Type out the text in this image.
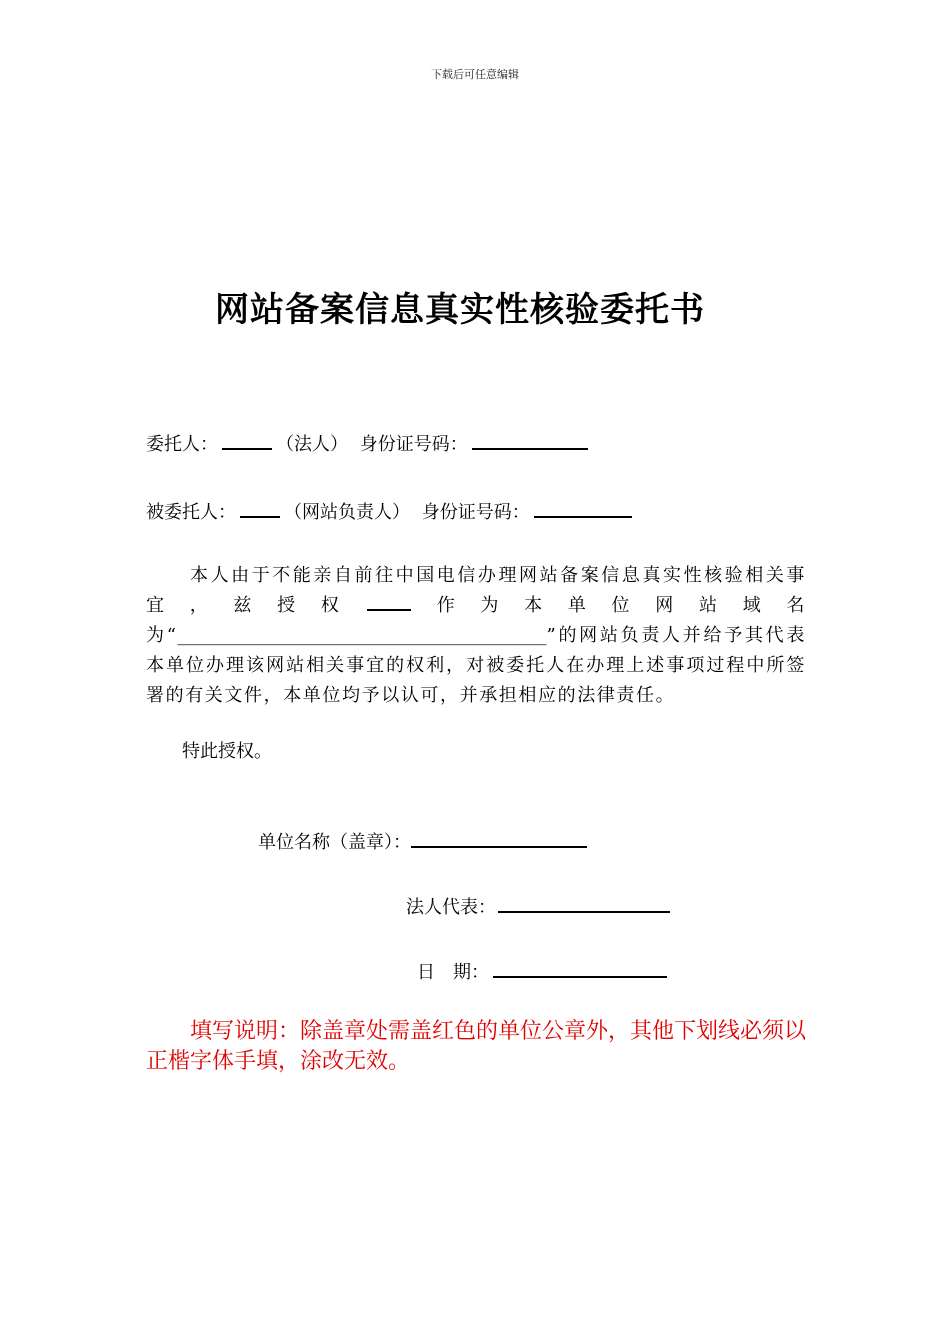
下载后可任意编辑
网站备案信息真实性核验委托书
委托人：	（法人） 身份证号码：
被委托人：	（网站负责人） 身份证号码：
本人由于不能亲自前往中国电信办理网站备案信息真实性核验相关事宜，兹授权	作为本单位网站域名为“_________________________________________”的网站负责人并给予其代表本单位办理该网站相关事宜的权利，对被委托人在办理上述事项过程中所签署的有关文件，本单位均予以认可，并承担相应的法律责任。
特此授权。
单位名称（盖章）：
法人代表：
日　期：
填写说明：除盖章处需盖红色的单位公章外，其他下划线必须以正楷字体手填，涂改无效。
